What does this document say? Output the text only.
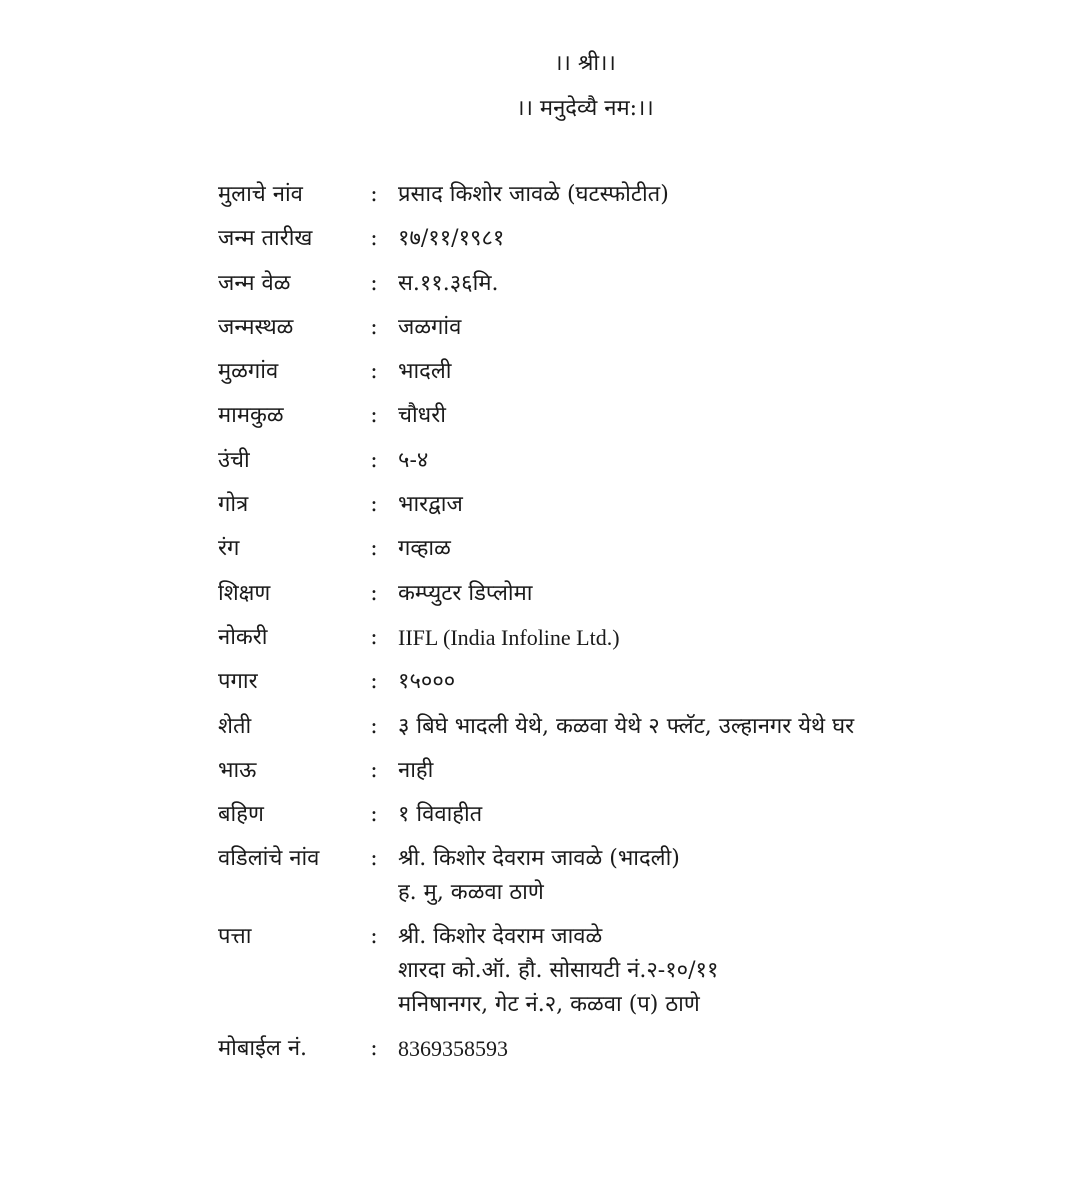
।। श्री।।
।। मनुदेव्यै नम:।।
मुलाचे नांव	: प्रसाद किशोर जावळे (घटस्फोटीत)
जन्म तारीख	: १७/११/१९८१
जन्म वेळ	: स.११.३६मि.
जन्मस्थळ	: जळगांव
मुळगांव	: भादली
मामकुळ	: चौधरी
उंची	: ५-४
गोत्र	: भारद्वाज
रंग	: गव्हाळ
शिक्षण	: कम्प्युटर डिप्लोमा
नोकरी	: IIFL (India Infoline Ltd.)
पगार	: १५०००
शेती	: ३ बिघे भादली येथे, कळवा येथे २ फ्लॅट, उल्हानगर येथे घर
भाऊ	: नाही
बहिण	: १ विवाहीत
वडिलांचे नांव	: श्री. किशोर देवराम जावळे (भादली)
ह. मु, कळवा ठाणे
पत्ता	: श्री. किशोर देवराम जावळे
शारदा को.ऑ. हौ. सोसायटी नं.२-१०/११
मनिषानगर, गेट नं.२, कळवा (प) ठाणे
मोबाईल नं.	: 8369358593
